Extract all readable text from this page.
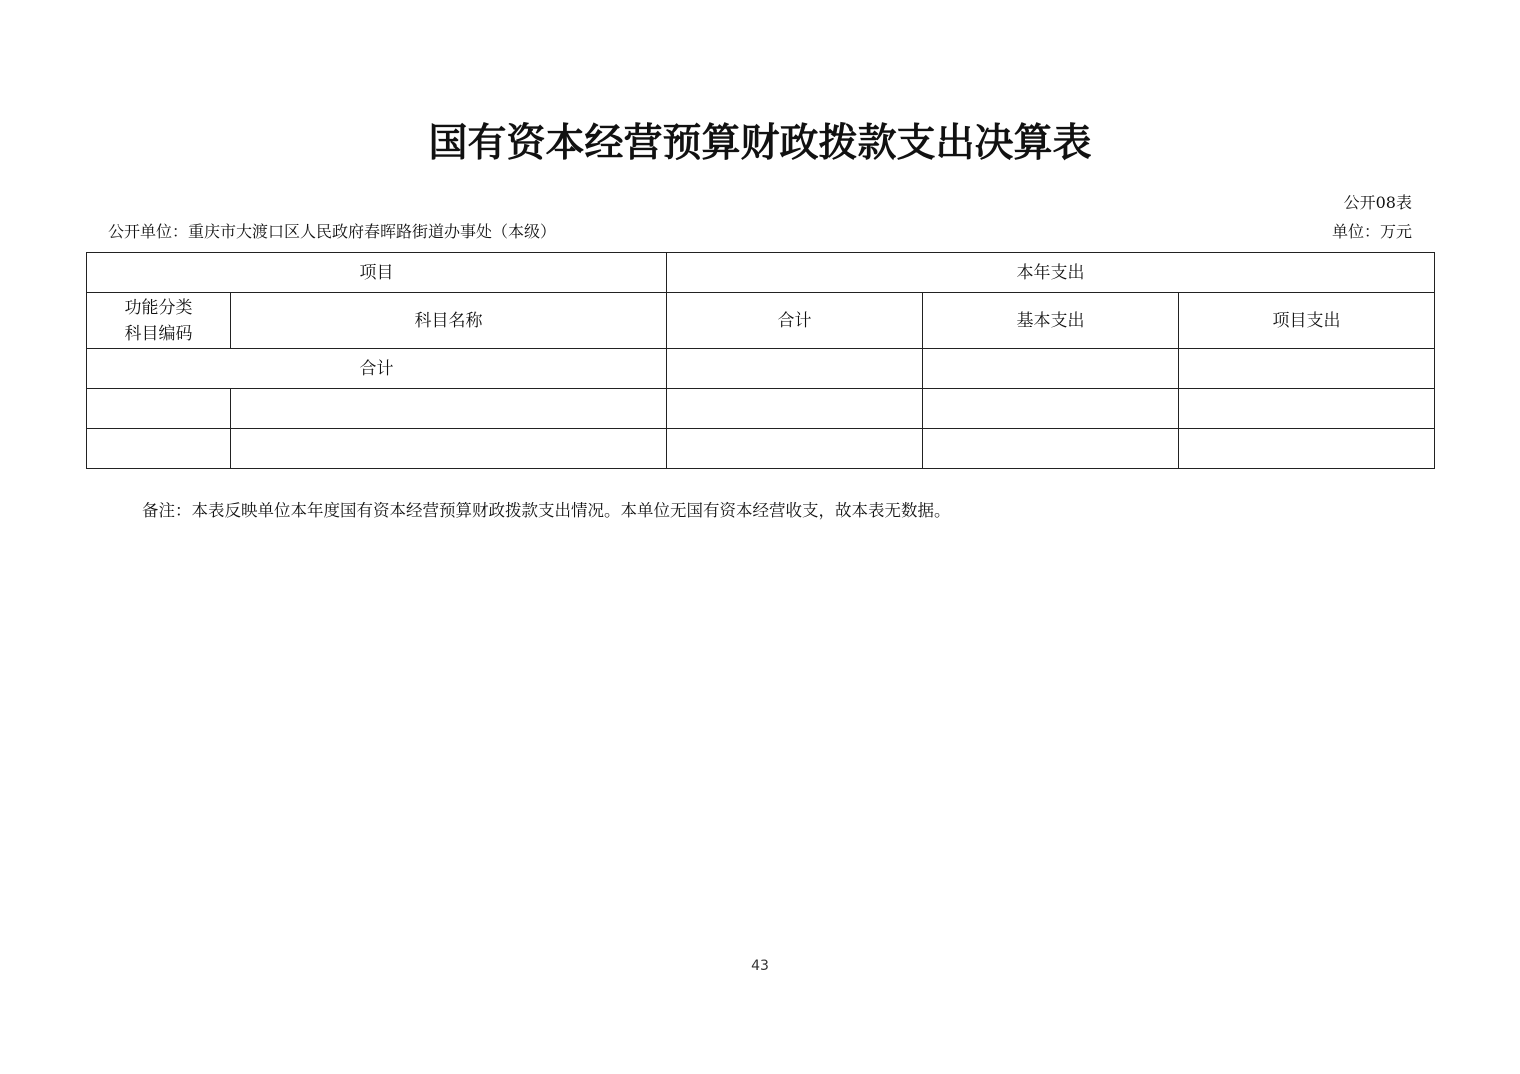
国有资本经营预算财政拨款支出决算表
公开08表
公开单位：重庆市大渡口区人民政府春晖路街道办事处（本级）	单位：万元
项目		本年支出		

功能分类
科目编码	科目名称	合计	基本支出	项目支出
合计				

备注：本表反映单位本年度国有资本经营预算财政拨款支出情况。本单位无国有资本经营收支，故本表无数据。
43
